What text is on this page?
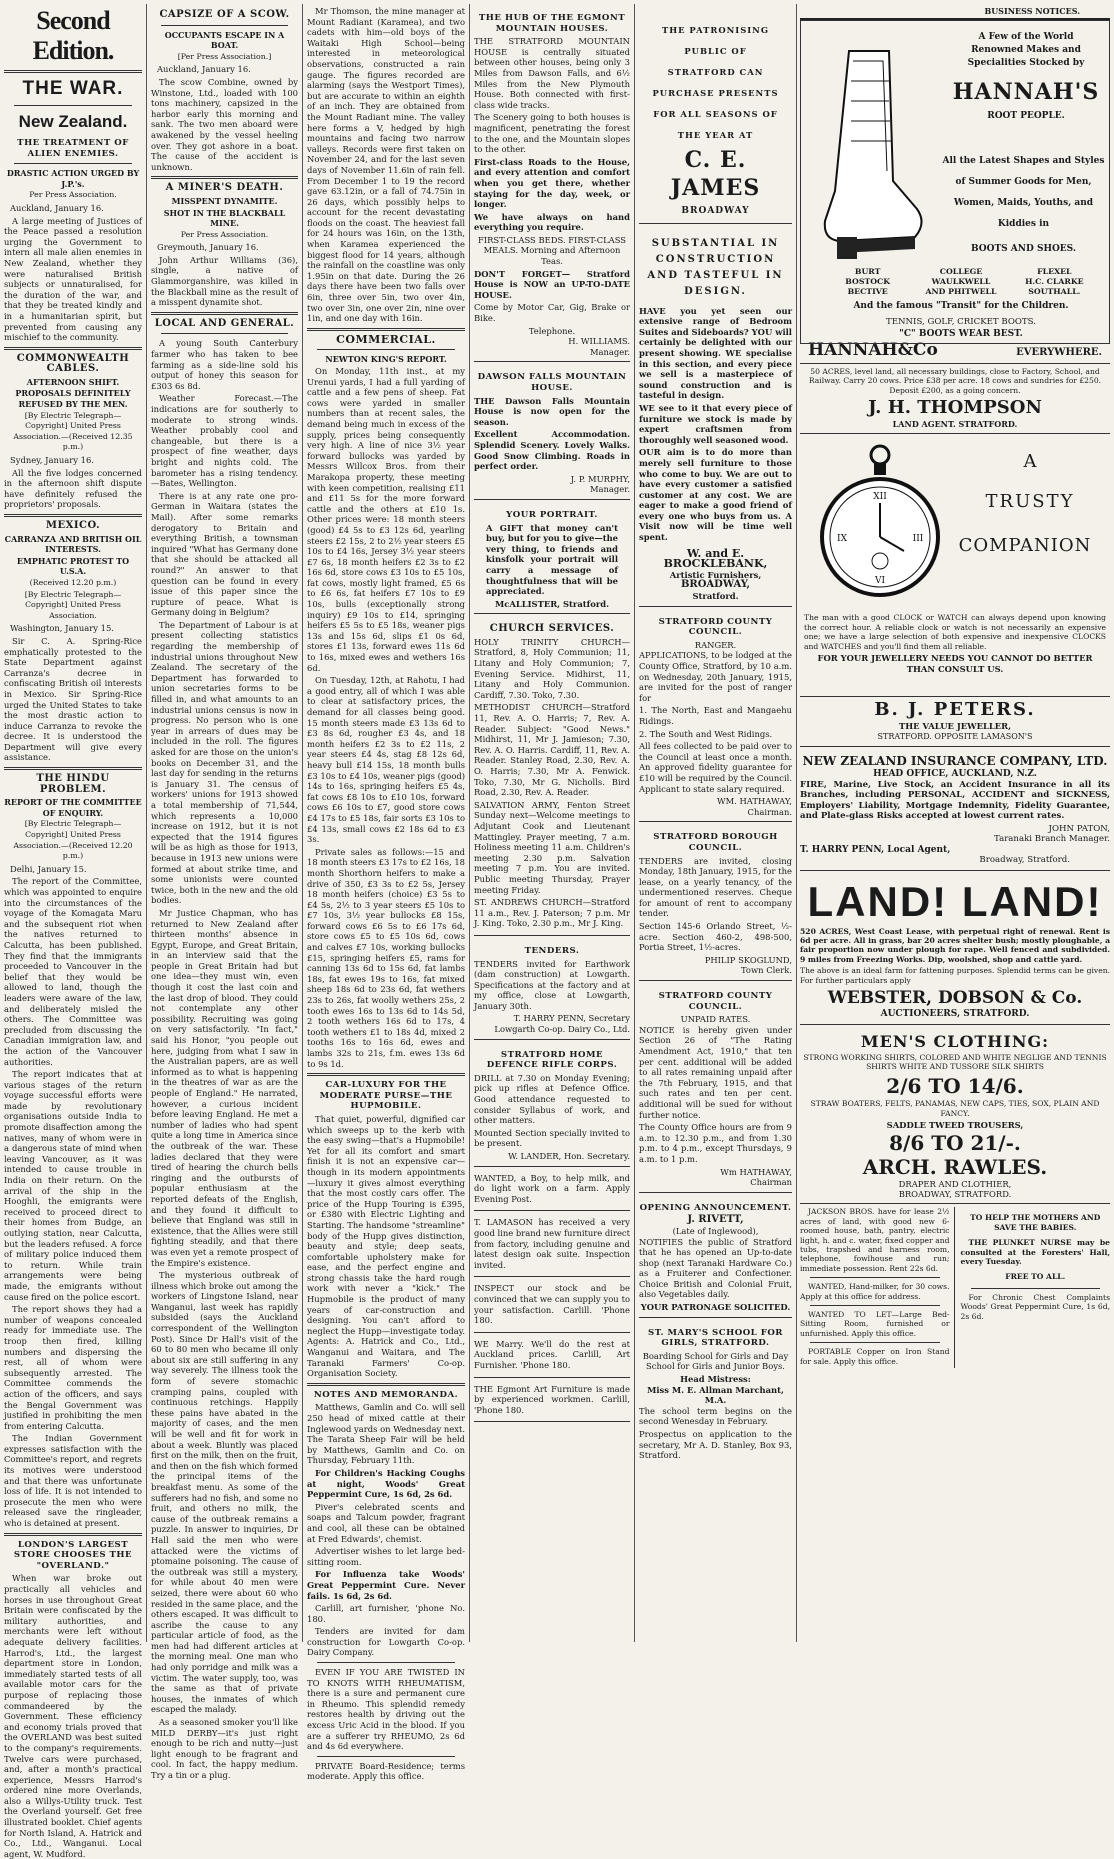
Second Edition.
THE WAR.
New Zealand.
THE TREATMENT OF ALIEN ENEMIES.
DRASTIC ACTION URGED BY J.P.'s.
Per Press Association.
Auckland, January 16.

A large meeting of Justices of the Peace passed a resolution urging the Government to intern all male alien enemies in New Zealand, whether they were naturalised British subjects or unnaturalised, for the duration of the war, and that they be treated kindly and in a humanitarian spirit, but prevented from causing any mischief to the community.

COMMONWEALTH CABLES.
AFTERNOON SHIFT.
PROPOSALS DEFINITELY REFUSED BY THE MEN.
[By Electric Telegraph—Copyright] United Press Association.—(Received 12.35 p.m.)
Sydney, January 16.

All the five lodges concerned in the afternoon shift dispute have definitely refused the proprietors' proposals.

MEXICO.
CARRANZA AND BRITISH OIL INTERESTS.
EMPHATIC PROTEST TO U.S.A.
(Received 12.20 p.m.)
[By Electric Telegraph—Copyright] United Press Association.
Washington, January 15.

Sir C. A. Spring-Rice emphatically protested to the State Department against Carranza's decree in confiscating British oil interests in Mexico. Sir Spring-Rice urged the United States to take the most drastic action to induce Carranza to revoke the decree. It is understood the Department will give every assistance.

THE HINDU PROBLEM.
REPORT OF THE COMMITTEE OF ENQUIRY.
[By Electric Telegraph—Copyright] United Press Association.—(Received 12.20 p.m.)
Delhi, January 15.

The report of the Committee, which was appointed to enquire into the circumstances of the voyage of the Komagata Maru and the subsequent riot when the natives returned to Calcutta, has been published. They find that the immigrants proceeded to Vancouver in the belief that they would be allowed to land, though the leaders were aware of the law, and deliberately misled the others. The Committee was precluded from discussing the Canadian immigration law, and the action of the Vancouver authorities.

The report indicates that at various stages of the return voyage successful efforts were made by revolutionary organisations outside India to promote disaffection among the natives, many of whom were in a dangerous state of mind when leaving Vancouver, as it was intended to cause trouble in India on their return. On the arrival of the ship in the Hooghli, the emigrants were received to proceed direct to their homes from Budge, an outlying station, near Calcutta, but the leaders refused. A force of military police induced them to return. While train arrangements were being made, the emigrants without cause fired on the police escort.

The report shows they had a number of weapons concealed ready for immediate use. The troop then fired, killing numbers and dispersing the rest, all of whom were subsequently arrested. The Committee commends the action of the officers, and says the Bengal Government was justified in prohibiting the men from entering Calcutta.

The Indian Government expresses satisfaction with the Committee's report, and regrets its motives were understood and that there was unfortunate loss of life. It is not intended to prosecute the men who were released save the ringleader, who is detained at present.

LONDON'S LARGEST STORE CHOOSES THE "OVERLAND."

When war broke out practically all vehicles and horses in use throughout Great Britain were confiscated by the military authorities, and merchants were left without adequate delivery facilities. Harrod's, Ltd., the largest department store in London, immediately started tests of all available motor cars for the purpose of replacing those commandeered by the Government. These efficiency and economy trials proved that the OVERLAND was best suited to the company's requirements. Twelve cars were purchased, and, after a month's practical experience, Messrs Harrod's ordered nine more Overlands, also a Willys-Utility truck. Test the Overland yourself. Get free illustrated booklet. Chief agents for North Island, A. Hatrick and Co., Ltd., Wanganui. Local agent, W. Mudford.

CAPSIZE OF A SCOW.
OCCUPANTS ESCAPE IN A BOAT.
[Per Press Association.]
Auckland, January 16.

The scow Combine, owned by Winstone, Ltd., loaded with 100 tons machinery, capsized in the harbor early this morning and sank. The two men aboard were awakened by the vessel heeling over. They got ashore in a boat. The cause of the accident is unknown.

A MINER'S DEATH.
MISSPENT DYNAMITE.
SHOT IN THE BLACKBALL MINE.
Per Press Association.
Greymouth, January 16.

John Arthur Williams (36), single, a native of Glammorganshire, was killed in the Blackball mine as the result of a misspent dynamite shot.

LOCAL AND GENERAL.

A young South Canterbury farmer who has taken to bee farming as a side-line sold his output of honey this season for £303 6s 8d.

Weather Forecast.—The indications are for southerly to moderate to strong winds. Weather probably cool and changeable, but there is a prospect of fine weather, days bright and nights cold. The barometer has a rising tendency.—Bates, Wellington.

There is at any rate one pro-German in Waitara (states the Mail). After some remarks derogatory to Britain and everything British, a townsman inquired "What has Germany done that she should be attacked all round?" An answer to that question can be found in every issue of this paper since the rupture of peace. What is Germany doing in Belgium?

The Department of Labour is at present collecting statistics regarding the membership of industrial unions throughout New Zealand. The secretary of the Department has forwarded to union secretaries forms to be filled in, and what amounts to an industrial unions census is now in progress. No person who is one year in arrears of dues may be included in the roll. The figures asked for are those on the union's books on December 31, and the last day for sending in the returns is January 31. The census of workers' unions for 1913 showed a total membership of 71,544, which represents a 10,000 increase on 1912, but it is not expected that the 1914 figures will be as high as those for 1913, because in 1913 new unions were formed at about strike time, and some unionists were counted twice, both in the new and the old bodies.

Mr Justice Chapman, who has returned to New Zealand after thirteen months' absence in Egypt, Europe, and Great Britain, in an interview said that the people in Great Britain had but one idea—they must win, even though it cost the last coin and the last drop of blood. They could not contemplate any other possibility. Recruiting was going on very satisfactorily. "In fact," said his Honor, "you people out here, judging from what I saw in the Australian papers, are as well informed as to what is happening in the theatres of war as are the people of England." He narrated, however, a curious incident before leaving England. He met a number of ladies who had spent quite a long time in America since the outbreak of the war. These ladies declared that they were tired of hearing the church bells ringing and the outbursts of popular enthusiasm at the reported defeats of the English, and they found it difficult to believe that England was still in existence, that the Allies were still fighting steadily, and that there was even yet a remote prospect of the Empire's existence.

The mysterious outbreak of illness which broke out among the workers of Lingstone Island, near Wanganui, last week has rapidly subsided (says the Auckland correspondent of the Wellington Post). Since Dr Hall's visit of the 60 to 80 men who became ill only about six are still suffering in any way severely. The illness took the form of severe stomachic cramping pains, coupled with continuous retchings. Happily these pains have abated in the majority of cases, and the men will be well and fit for work in about a week. Bluntly was placed first on the milk, then on the fruit, and then on the fish which formed the principal items of the breakfast menu. As some of the sufferers had no fish, and some no fruit, and others no milk, the cause of the outbreak remains a puzzle. In answer to inquiries, Dr Hall said the men who were attacked were the victims of ptomaine poisoning. The cause of the outbreak was still a mystery, for while about 40 men were seized, there were about 60 who resided in the same place, and the others escaped. It was difficult to ascribe the cause to any particular article of food, as the men had had different articles at the morning meal. One man who had only porridge and milk was a victim. The water supply, too, was the same as that of private houses, the inmates of which escaped the malady.

As a seasoned smoker you'll like MILD DERBY—it's just right enough to be rich and nutty—just light enough to be fragrant and cool. In fact, the happy medium. Try a tin or a plug.

Mr Thomson, the mine manager at Mount Radiant (Karamea), and two cadets with him—old boys of the Waitaki High School—being interested in meteorological observations, constructed a rain gauge. The figures recorded are alarming (says the Westport Times), but are accurate to within an eighth of an inch. They are obtained from the Mount Radiant mine. The valley here forms a V, hedged by high mountains and facing two narrow valleys. Records were first taken on November 24, and for the last seven days of November 11.6in of rain fell. From December 1 to 19 the record gave 63.12in, or a fall of 74.75in in 26 days, which possibly helps to account for the recent devastating floods on the coast. The heaviest fall for 24 hours was 16in, on the 13th, when Karamea experienced the biggest flood for 14 years, although the rainfall on the coastline was only 1.95in on that date. During the 26 days there have been two falls over 6in, three over 5in, two over 4in, two over 3in, one over 2in, nine over 1in, and one day with 16in.

COMMERCIAL.
NEWTON KING'S REPORT.

On Monday, 11th inst., at my Urenui yards, I had a full yarding of cattle and a few pens of sheep. Fat cows were yarded in smaller numbers than at recent sales, the demand being much in excess of the supply, prices being consequently very high. A line of nice 3½ year forward bullocks was yarded by Messrs Willcox Bros. from their Marakopa property, these meeting with keen competition, realising £11 and £11 5s for the more forward cattle and the others at £10 1s. Other prices were: 18 month steers (good) £4 5s to £3 12s 6d, yearling steers £2 15s, 2 to 2½ year steers £5 10s to £4 16s, Jersey 3½ year steers £7 6s, 18 month heifers £2 3s to £2 16s 6d, store cows £3 10s to £5 10s, fat cows, mostly light framed, £5 6s to £6 6s, fat heifers £7 10s to £9 10s, bulls (exceptionally strong inquiry) £9 10s to £14, springing heifers £5 5s to £5 18s, weaner pigs 13s and 15s 6d, slips £1 0s 6d, stores £1 13s, forward ewes 11s 6d to 16s, mixed ewes and wethers 16s 6d.

On Tuesday, 12th, at Rahotu, I had a good entry, all of which I was able to clear at satisfactory prices, the demand for all classes being good. 15 month steers made £3 13s 6d to £3 8s 6d, rougher £3 4s, and 18 month heifers £2 3s to £2 11s, 2 year steers £4 4s, stag £8 12s 6d, heavy bull £14 15s, 18 month bulls £3 10s to £4 10s, weaner pigs (good) 14s to 16s, springing heifers £5 4s, fat cows £8 10s to £10 10s, forward cows £6 10s to £7, good store cows £4 17s to £5 18s, fair sorts £3 10s to £4 13s, small cows £2 18s 6d to £3 3s.

Private sales as follows:—15 and 18 month steers £3 17s to £2 16s, 18 month Shorthorn heifers to make a drive of 350, £3 3s to £2 5s, Jersey 18 month heifers (choice) £3 5s to £4 5s, 2½ to 3 year steers £5 10s to £7 10s, 3½ year bullocks £8 15s, forward cows £6 5s to £6 17s 6d, store cows £5 to £5 10s 6d, cows and calves £7 10s, working bullocks £15, springing heifers £5, rams for canning 13s 6d to 15s 6d, fat lambs 18s, fat ewes 19s to 16s, fat mixed sheep 18s 6d to 23s 6d, fat wethers 23s to 26s, fat woolly wethers 25s, 2 tooth ewes 16s to 13s 6d to 14s 5d, 2 tooth wethers 16s 6d to 17s, 4 tooth wethers £1 to 18s 4d, mixed 2 tooths 16s to 16s 6d, ewes and lambs 32s to 21s, f.m. ewes 13s 6d to 9s 1d.

CAR-LUXURY FOR THE MODERATE PURSE—THE HUPMOBILE.

That quiet, powerful, dignified car which sweeps up to the kerb with the easy swing—that's a Hupmobile! Yet for all its comfort and smart finish it is not an expensive car—though in its modern appointments—luxury it gives almost everything that the most costly cars offer. The price of the Hupp Touring is £395, or £380 with Electric Lighting and Starting. The handsome "streamline" body of the Hupp gives distinction, beauty and style; deep seats, comfortable upholstery make for ease, and the perfect engine and strong chassis take the hard rough work with never a "kick." The Hupmobile is the product of many years of car-construction and designing. You can't afford to neglect the Hupp—investigate today. Agents: A. Hatrick and Co., Ltd., Wanganui and Waitara, and The Taranaki Farmers' Co-op. Organisation Society.

NOTES AND MEMORANDA.

Matthews, Gamlin and Co. will sell 250 head of mixed cattle at their Inglewood yards on Wednesday next. The Tarata Sheep Fair will be held by Matthews, Gamlin and Co. on Thursday, February 11th.

For Children's Hacking Coughs at night, Woods' Great Peppermint Cure, 1s 6d, 2s 6d.

Piver's celebrated scents and soaps and Talcum powder, fragrant and cool, all these can be obtained at Fred Edwards', chemist.

Advertiser wishes to let large bed-sitting room.

For Influenza take Woods' Great Peppermint Cure. Never fails. 1s 6d, 2s 6d.

Carlill, art furnisher, 'phone No. 180.

Tenders are invited for dam construction for Lowgarth Co-op. Dairy Company.

EVEN IF YOU ARE TWISTED IN TO KNOTS WITH RHEUMATISM, there is a sure and permanent cure in Rheumo. This splendid remedy restores health by driving out the excess Uric Acid in the blood. If you are a sufferer try RHEUMO, 2s 6d and 4s 6d everywhere.

PRIVATE Board-Residence; terms moderate. Apply this office.

THE HUB OF THE EGMONT MOUNTAIN HOUSES.

THE STRATFORD MOUNTAIN HOUSE is centrally situated between other houses, being only 3 Miles from Dawson Falls, and 6½ Miles from the New Plymouth House. Both connected with first-class wide tracks.

The Scenery going to both houses is magnificent, penetrating the forest to the one, and the Mountain slopes to the other.

First-class Roads to the House, and every attention and comfort when you get there, whether staying for the day, week, or longer.

We have always on hand everything you require.

FIRST-CLASS BEDS. FIRST-CLASS MEALS. Morning and Afternoon Teas.

DON'T FORGET— Stratford House is NOW an UP-TO-DATE HOUSE.

Come by Motor Car, Gig, Brake or Bike.

Telephone.
H. WILLIAMS.
Manager.
DAWSON FALLS MOUNTAIN HOUSE.

THE Dawson Falls Mountain House is now open for the season.

Excellent Accommodation. Splendid Scenery. Lovely Walks. Good Snow Climbing. Roads in perfect order.

J. P. MURPHY,
Manager.
YOUR PORTRAIT.

A GIFT that money can't buy, but for you to give—the very thing, to friends and kinsfolk your portrait will carry a message of thoughtfulness that will be appreciated.

McALLISTER, Stratford.
CHURCH SERVICES.

HOLY TRINITY CHURCH—Stratford, 8, Holy Communion; 11, Litany and Holy Communion; 7, Evening Service. Midhirst, 11, Litany and Holy Communion. Cardiff, 7.30. Toko, 7.30.

METHODIST CHURCH—Stratford 11, Rev. A. O. Harris; 7, Rev. A. Reader. Subject: "Good News." Midhirst, 11, Mr J. Jamieson; 7.30, Rev. A. O. Harris. Cardiff, 11, Rev. A. Reader. Stanley Road, 2.30, Rev. A. O. Harris; 7.30, Mr A. Fenwick. Toko, 7.30, Mr G. Nicholls. Bird Road, 2.30, Rev. A. Reader.

SALVATION ARMY, Fenton Street Sunday next—Welcome meetings to Adjutant Cook and Lieutenant Mattingley. Prayer meeting, 7 a.m. Holiness meeting 11 a.m. Children's meeting 2.30 p.m. Salvation meeting 7 p.m. You are invited. Public meeting Thursday, Prayer meeting Friday.

ST. ANDREWS CHURCH—Stratford 11 a.m., Rev. J. Paterson; 7 p.m. Mr J. King. Toko, 2.30 p.m., Mr J. King.

TENDERS.

TENDERS invited for Earthwork (dam construction) at Lowgarth. Specifications at the factory and at my office, close at Lowgarth, January 30th.

T. HARRY PENN, Secretary Lowgarth Co-op. Dairy Co., Ltd.
STRATFORD HOME DEFENCE RIFLE CORPS.

DRILL at 7.30 on Monday Evening; pick up rifles at Defence Office. Good attendance requested to consider Syllabus of work, and other matters.

Mounted Section specially invited to be present.

W. LANDER, Hon. Secretary.

WANTED, a Boy, to help milk, and do light work on a farm. Apply Evening Post.

T. LAMASON has received a very good line brand new furniture direct from factory, including genuine and latest design oak suite. Inspection invited.

INSPECT our stock and be convinced that we can supply you to your satisfaction. Carlill. 'Phone 180.

WE Marry. We'll do the rest at Auckland prices. Carlill, Art Furnisher. 'Phone 180.

THE Egmont Art Furniture is made by experienced workmen. Carlill, 'Phone 180.

THE PATRONISING PUBLIC OF STRATFORD CAN PURCHASE PRESENTS FOR ALL SEASONS OF THE YEAR AT
C. E. JAMES
BROADWAY
SUBSTANTIAL IN CONSTRUCTION AND TASTEFUL IN DESIGN.

HAVE you yet seen our extensive range of Bedroom Suites and Sideboards? YOU will certainly be delighted with our present showing. WE specialise in this section, and every piece we sell is a masterpiece of sound construction and is tasteful in design.

WE see to it that every piece of furniture we stock is made by expert craftsmen from thoroughly well seasoned wood.

OUR aim is to do more than merely sell furniture to those who come to buy. We are out to have every customer a satisfied customer at any cost. We are eager to make a good friend of every one who buys from us. A Visit now will be time well spent.

W. and E. BROCKLEBANK,
Artistic Furnishers,
BROADWAY,
Stratford.
STRATFORD COUNTY COUNCIL.
RANGER.

APPLICATIONS, to be lodged at the County Office, Stratford, by 10 a.m. on Wednesday, 20th January, 1915, are invited for the post of ranger for

1. The North, East and Mangaehu Ridings.

2. The South and West Ridings.

All fees collected to be paid over to the Council at least once a month. An approved fidelity guarantee for £10 will be required by the Council. Applicant to state salary required.

WM. HATHAWAY,
Chairman.
STRATFORD BOROUGH COUNCIL.

TENDERS are invited, closing Monday, 18th January, 1915, for the lease, on a yearly tenancy, of the undermentioned reserves. Cheque for amount of rent to accompany tender.

Section 145-6 Orlando Street, ½-acre. Section 460-2, 498-500, Portia Street, 1½-acres.

PHILIP SKOGLUND,
Town Clerk.
STRATFORD COUNTY COUNCIL.
UNPAID RATES.

NOTICE is hereby given under Section 26 of "The Rating Amendment Act, 1910," that ten per cent. additional will be added to all rates remaining unpaid after the 7th February, 1915, and that such rates and ten per cent. additional will be sued for without further notice.

The County Office hours are from 9 a.m. to 12.30 p.m., and from 1.30 p.m. to 4 p.m., except Thursdays, 9 a.m. to 1 p.m.

Wm HATHAWAY,
Chairman
OPENING ANNOUNCEMENT.
J. RIVETT,
(Late of Inglewood),

NOTIFIES the public of Stratford that he has opened an Up-to-date shop (next Taranaki Hardware Co.) as a Fruiterer and Confectioner. Choice British and Colonial Fruit, also Vegetables daily.

YOUR PATRONAGE SOLICITED.
ST. MARY'S SCHOOL FOR GIRLS, STRATFORD.

Boarding School for Girls and Day School for Girls and Junior Boys.

Head Mistress:
Miss M. E. Allman Marchant, M.A.

The school term begins on the second Wenesday in February.

Prospectus on application to the secretary, Mr A. D. Stanley, Box 93, Stratford.

BUSINESS NOTICES.
A Few of the World Renowned Makes and Specialities Stocked by
HANNAH'S
ROOT PEOPLE.
All the Latest Shapes and Styles of Summer Goods for Men, Women, Maids, Youths, and Kiddies in
BOOTS AND SHOES.
BURT	COLLEGE	FLEXEL
BOSTOCK	WAULKWELL	H.C. CLARKE
BECTIVE	AND PHITWELL	SOUTHALL.
And the famous "Transit" for the Children.
TENNIS, GOLF, CRICKET BOOTS.
"C" BOOTS WEAR BEST.
HANNAH&Co	EVERYWHERE.

50 ACRES, level land, all necessary buildings, close to Factory, School, and Railway. Carry 20 cows. Price £38 per acre. 18 cows and sundries for £250. Deposit £200, as a going concern.

J. H. THOMPSON
LAND AGENT. STRATFORD.
XII
III
VI
IX
A
TRUSTY
COMPANION

The man with a good CLOCK or WATCH can always depend upon knowing the correct hour. A reliable clock or watch is not necessarily an expensive one; we have a large selection of both expensive and inexpensive CLOCKS and WATCHES and you'll find them all reliable.

FOR YOUR JEWELLERY NEEDS YOU CANNOT DO BETTER THAN CONSULT US.
B. J. PETERS.
THE VALUE JEWELLER,
STRATFORD. OPPOSITE LAMASON'S
NEW ZEALAND INSURANCE COMPANY, LTD.
HEAD OFFICE, AUCKLAND, N.Z.

FIRE, Marine, Live Stock, an Accident Insurance in all its Branches, including PERSONAL, ACCIDENT and SICKNESS, Employers' Liability, Mortgage Indemnity, Fidelity Guarantee, and Plate-glass Risks accepted at lowest current rates.

JOHN PATON,
Taranaki Branch Manager.
T. HARRY PENN, Local Agent,
Broadway, Stratford.
LAND! LAND!

520 ACRES, West Coast Lease, with perpetual right of renewal. Rent is 6d per acre. All in grass, bar 20 acres shelter bush; mostly ploughable, a fair proportion now under plough for rape. Well fenced and subdivided. 9 miles from Freezing Works. Dip, woolshed, shop and cattle yard.

The above is an ideal farm for fattening purposes. Splendid terms can be given. For further particulars apply

WEBSTER, DOBSON & Co.
AUCTIONEERS, STRATFORD.
MEN'S CLOTHING:

STRONG WORKING SHIRTS, COLORED AND WHITE NEGLIGE AND TENNIS SHIRTS WHITE AND TUSSORE SILK SHIRTS

2/6 TO 14/6.

STRAW BOATERS, FELTS, PANAMAS, NEW CAPS, TIES, SOX, PLAIN AND FANCY.

SADDLE TWEED TROUSERS,
8/6 TO 21/-.
ARCH. RAWLES.
DRAPER AND CLOTHIER,
BROADWAY, STRATFORD.

JACKSON BROS. have for lease 2½ acres of land, with good new 6-roomed house, bath, pantry, electric light, h. and c. water, fixed copper and tubs, trapshed and harness room, telephone, fowlhouse and run; immediate possession. Rent 22s 6d.

WANTED, Hand-milker, for 30 cows. Apply at this office for address.

WANTED TO LET—Large Bed-Sitting Room, furnished or unfurnished. Apply this office.

PORTABLE Copper on Iron Stand for sale. Apply this office.

TO HELP THE MOTHERS AND SAVE THE BABIES.

THE PLUNKET NURSE may be consulted at the Foresters' Hall, every Tuesday.

FREE TO ALL.

For Chronic Chest Complaints Woods' Great Peppermint Cure, 1s 6d, 2s 6d.
